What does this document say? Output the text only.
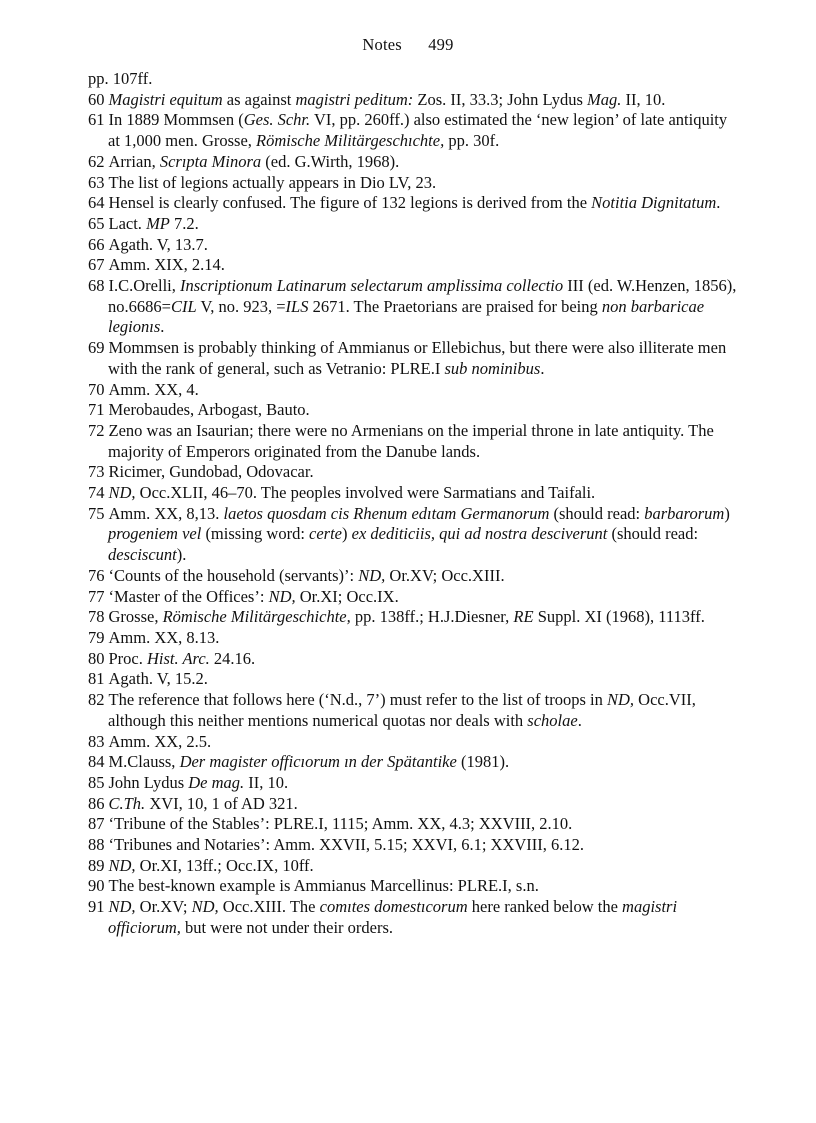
Notes 499
pp. 107ff.
60 Magistri equitum as against magistri peditum: Zos. II, 33.3; John Lydus Mag. II, 10.
61 In 1889 Mommsen (Ges. Schr. VI, pp. 260ff.) also estimated the ‘new legion’ of late antiquity at 1,000 men. Grosse, Römische Militärgeschıchte, pp. 30f.
62 Arrian, Scrıpta Minora (ed. G.Wirth, 1968).
63 The list of legions actually appears in Dio LV, 23.
64 Hensel is clearly confused. The figure of 132 legions is derived from the Notitia Dignitatum.
65 Lact. MP 7.2.
66 Agath. V, 13.7.
67 Amm. XIX, 2.14.
68 I.C.Orelli, Inscriptionum Latinarum selectarum amplissima collectio III (ed. W.Henzen, 1856), no.6686=CIL V, no. 923, =ILS 2671. The Praetorians are praised for being non barbaricae legionıs.
69 Mommsen is probably thinking of Ammianus or Ellebichus, but there were also illiterate men with the rank of general, such as Vetranio: PLRE.I sub nominibus.
70 Amm. XX, 4.
71 Merobaudes, Arbogast, Bauto.
72 Zeno was an Isaurian; there were no Armenians on the imperial throne in late antiquity. The majority of Emperors originated from the Danube lands.
73 Ricimer, Gundobad, Odovacar.
74 ND, Occ.XLII, 46–70. The peoples involved were Sarmatians and Taifali.
75 Amm. XX, 8,13. laetos quosdam cis Rhenum edıtam Germanorum (should read: barbarorum) progeniem vel (missing word: certe) ex dediticiis, qui ad nostra desciverunt (should read: desciscunt).
76 ‘Counts of the household (servants)’: ND, Or.XV; Occ.XIII.
77 ‘Master of the Offices’: ND, Or.XI; Occ.IX.
78 Grosse, Römische Militärgeschichte, pp. 138ff.; H.J.Diesner, RE Suppl. XI (1968), 1113ff.
79 Amm. XX, 8.13.
80 Proc. Hist. Arc. 24.16.
81 Agath. V, 15.2.
82 The reference that follows here (‘N.d., 7’) must refer to the list of troops in ND, Occ.VII, although this neither mentions numerical quotas nor deals with scholae.
83 Amm. XX, 2.5.
84 M.Clauss, Der magister officıorum ın der Spätantike (1981).
85 John Lydus De mag. II, 10.
86 C.Th. XVI, 10, 1 of AD 321.
87 ‘Tribune of the Stables’: PLRE.I, 1115; Amm. XX, 4.3; XXVIII, 2.10.
88 ‘Tribunes and Notaries’: Amm. XXVII, 5.15; XXVI, 6.1; XXVIII, 6.12.
89 ND, Or.XI, 13ff.; Occ.IX, 10ff.
90 The best-known example is Ammianus Marcellinus: PLRE.I, s.n.
91 ND, Or.XV; ND, Occ.XIII. The comıtes domestıcorum here ranked below the magistri officiorum, but were not under their orders.
